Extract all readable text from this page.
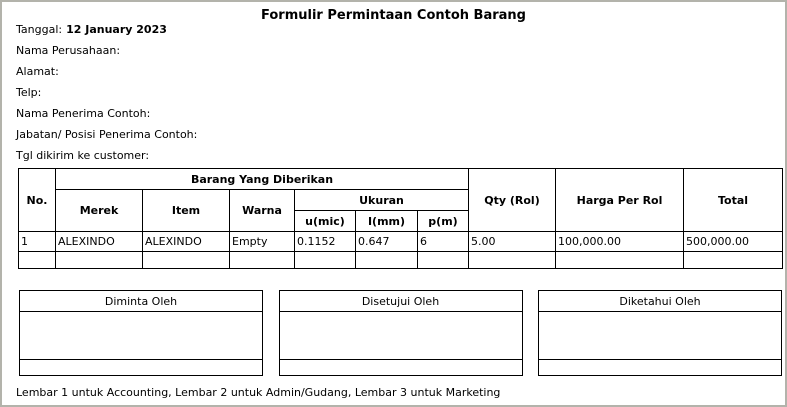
Formulir Permintaan Contoh Barang
Tanggal: 12 January 2023
Nama Perusahaan:
Alamat:
Telp:
Nama Penerima Contoh:
Jabatan/ Posisi Penerima Contoh:
Tgl dikirim ke customer:
No.	Barang Yang Diberikan						Qty (Rol)	Harga Per Rol	Total
	Merek	Item	Warna	Ukuran					
				u(mic)	I(mm)	p(m)			
1	ALEXINDO	ALEXINDO	Empty	0.1152	0.647	6	5.00	100,000.00	500,000.00

Diminta Oleh	Disetujui Oleh	Diketahui Oleh
Lembar 1 untuk Accounting, Lembar 2 untuk Admin/Gudang, Lembar 3 untuk Marketing
